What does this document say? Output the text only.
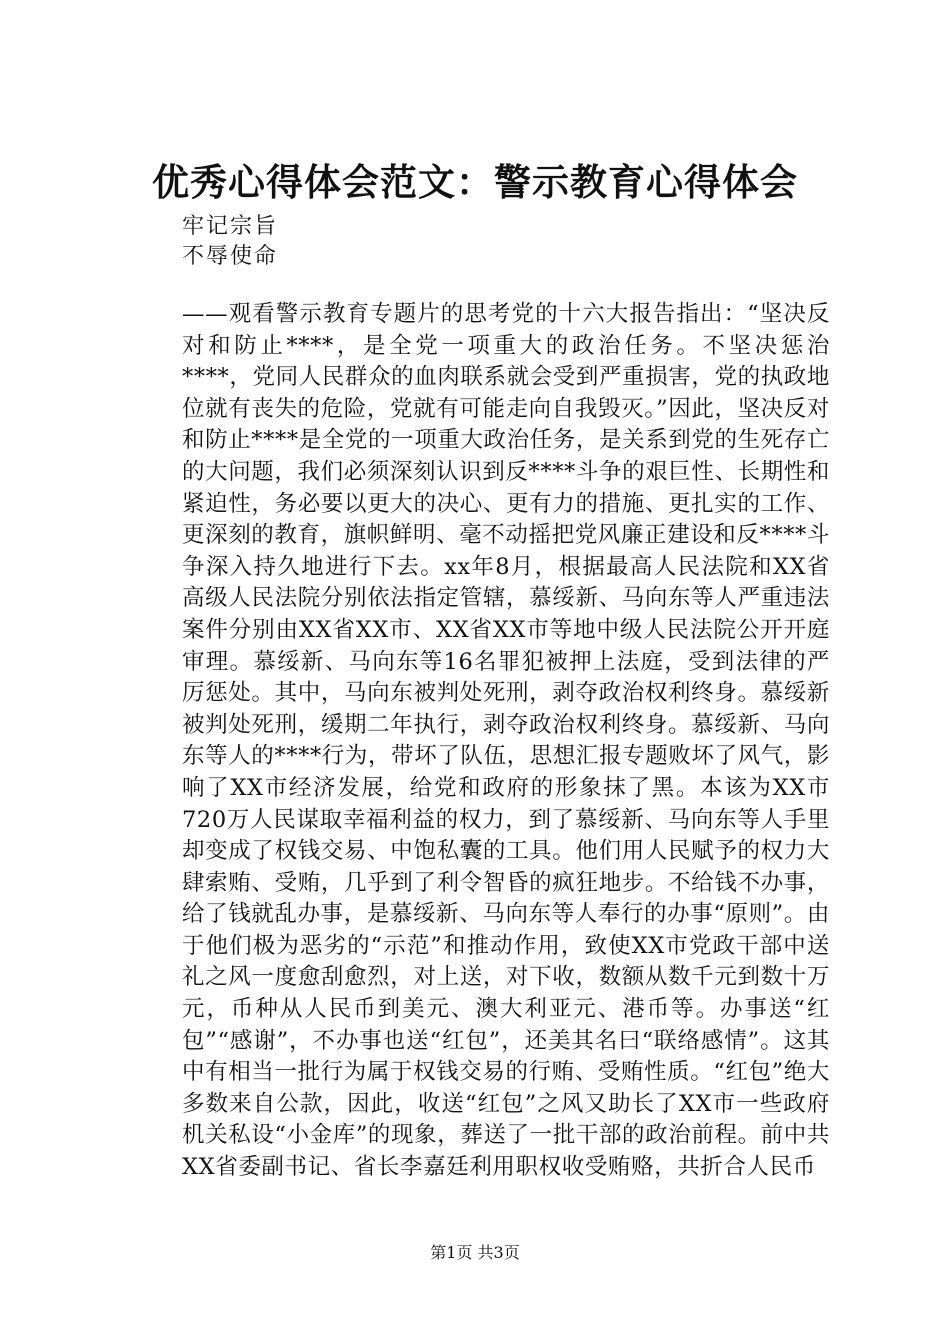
优秀心得体会范文：警示教育心得体会
牢记宗旨
不辱使命
——观看警示教育专题片的思考党的十六大报告指出：“坚决反对和防止****，是全党一项重大的政治任务。不坚决惩治****，党同人民群众的血肉联系就会受到严重损害，党的执政地位就有丧失的危险，党就有可能走向自我毁灭。”因此，坚决反对和防止****是全党的一项重大政治任务，是关系到党的生死存亡的大问题，我们必须深刻认识到反****斗争的艰巨性、长期性和紧迫性，务必要以更大的决心、更有力的措施、更扎实的工作、更深刻的教育，旗帜鲜明、毫不动摇把党风廉正建设和反****斗争深入持久地进行下去。xx年8月，根据最高人民法院和XX省高级人民法院分别依法指定管辖，慕绥新、马向东等人严重违法案件分别由XX省XX市、XX省XX市等地中级人民法院公开开庭审理。慕绥新、马向东等16名罪犯被押上法庭，受到法律的严厉惩处。其中，马向东被判处死刑，剥夺政治权利终身。慕绥新被判处死刑，缓期二年执行，剥夺政治权利终身。慕绥新、马向东等人的****行为，带坏了队伍，思想汇报专题败坏了风气，影响了XX市经济发展，给党和政府的形象抹了黑。本该为XX市720万人民谋取幸福利益的权力，到了慕绥新、马向东等人手里却变成了权钱交易、中饱私囊的工具。他们用人民赋予的权力大肆索贿、受贿，几乎到了利令智昏的疯狂地步。不给钱不办事，给了钱就乱办事，是慕绥新、马向东等人奉行的办事“原则”。由于他们极为恶劣的“示范”和推动作用，致使XX市党政干部中送礼之风一度愈刮愈烈，对上送，对下收，数额从数千元到数十万元，币种从人民币到美元、澳大利亚元、港币等。办事送“红包”“感谢”，不办事也送“红包”，还美其名曰“联络感情”。这其中有相当一批行为属于权钱交易的行贿、受贿性质。“红包”绝大多数来自公款，因此，收送“红包”之风又助长了XX市一些政府机关私设“小金库”的现象，葬送了一批干部的政治前程。前中共XX省委副书记、省长李嘉廷利用职权收受贿赂，共折合人民币
第1页 共3页
